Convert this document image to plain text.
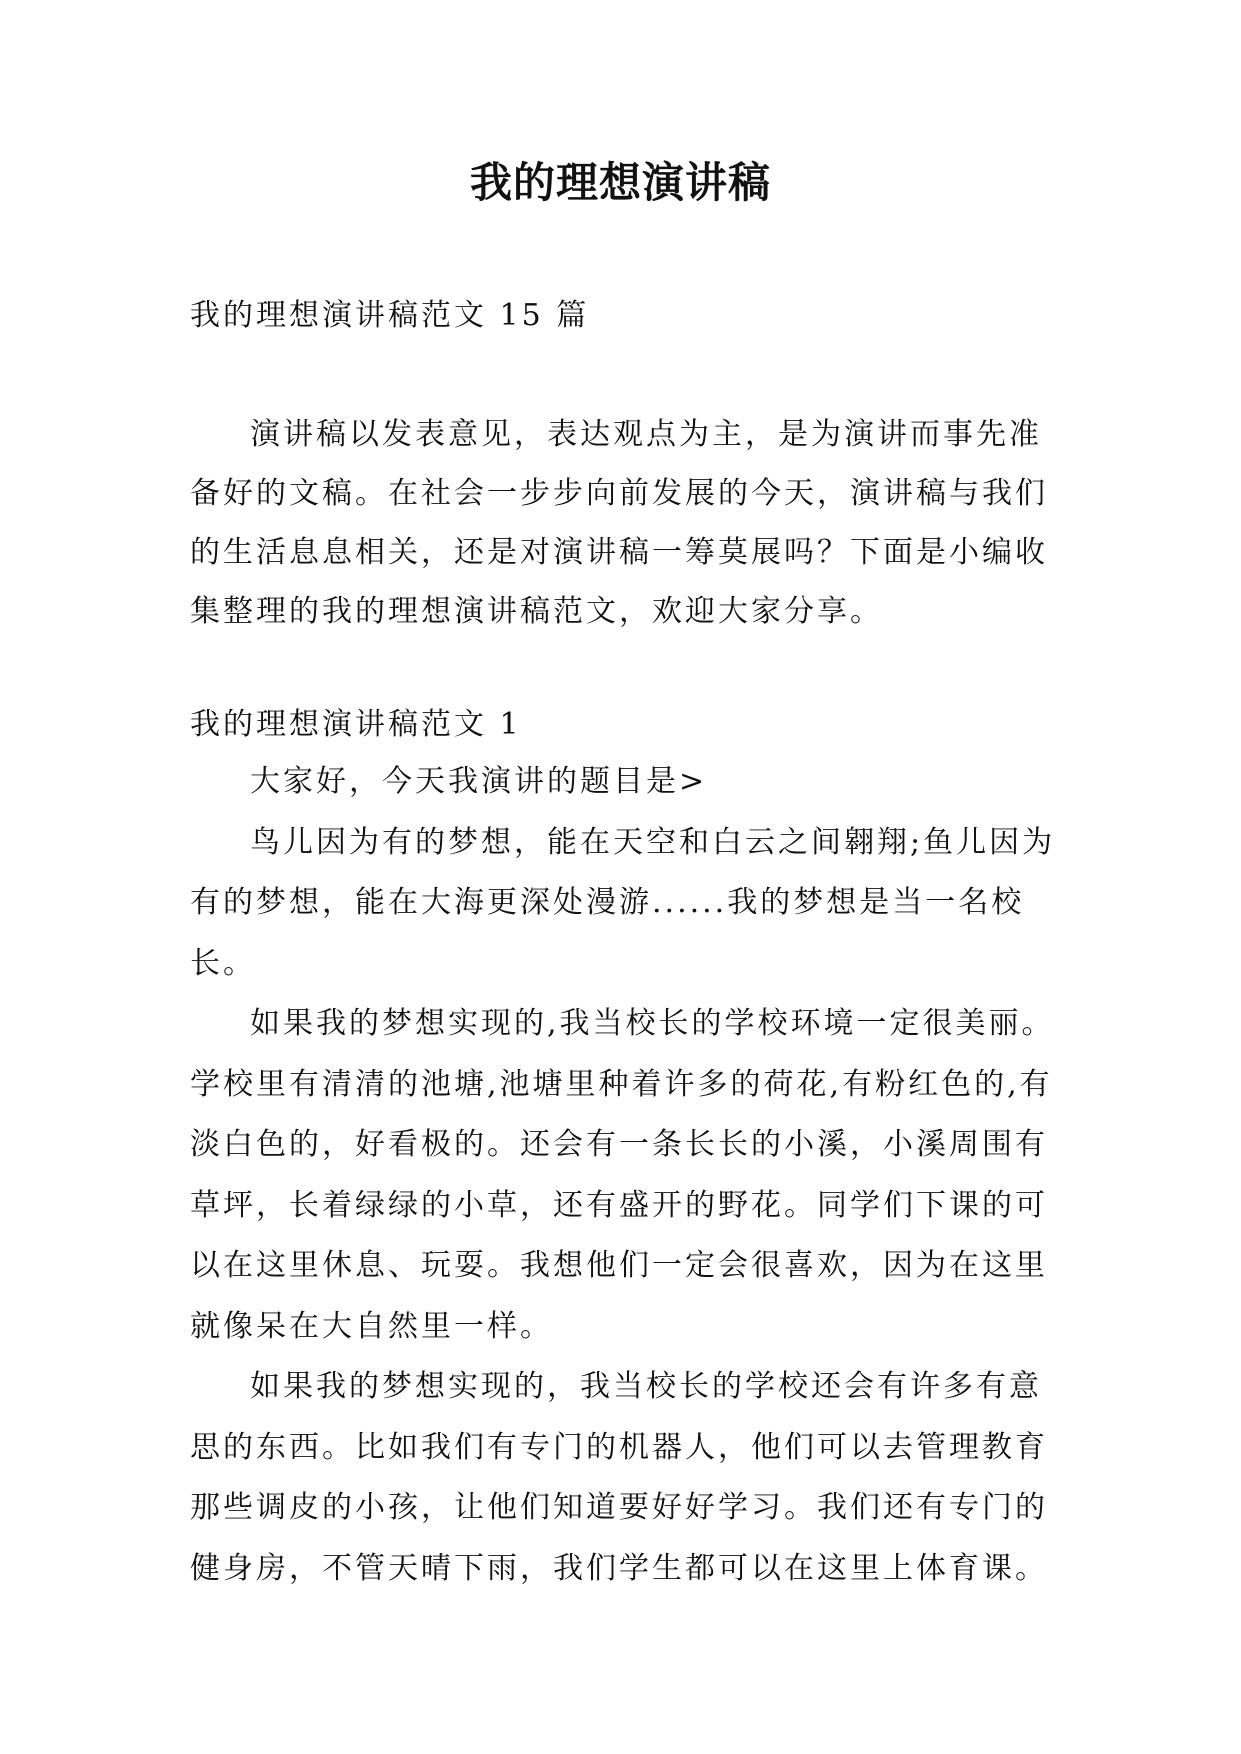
我的理想演讲稿
我的理想演讲稿范文 15 篇

演讲稿以发表意见，表达观点为主，是为演讲而事先准备好的文稿。在社会一步步向前发展的今天，演讲稿与我们的生活息息相关，还是对演讲稿一筹莫展吗？下面是小编收集整理的我的理想演讲稿范文，欢迎大家分享。

我的理想演讲稿范文 1

大家好，今天我演讲的题目是>

鸟儿因为有的梦想，能在天空和白云之间翱翔;鱼儿因为有的梦想，能在大海更深处漫游......我的梦想是当一名校长。

如果我的梦想实现的,我当校长的学校环境一定很美丽。学校里有清清的池塘,池塘里种着许多的荷花,有粉红色的,有淡白色的，好看极的。还会有一条长长的小溪，小溪周围有草坪，长着绿绿的小草，还有盛开的野花。同学们下课的可以在这里休息、玩耍。我想他们一定会很喜欢，因为在这里就像呆在大自然里一样。

如果我的梦想实现的，我当校长的学校还会有许多有意思的东西。比如我们有专门的机器人，他们可以去管理教育那些调皮的小孩，让他们知道要好好学习。我们还有专门的健身房，不管天晴下雨，我们学生都可以在这里上体育课。
